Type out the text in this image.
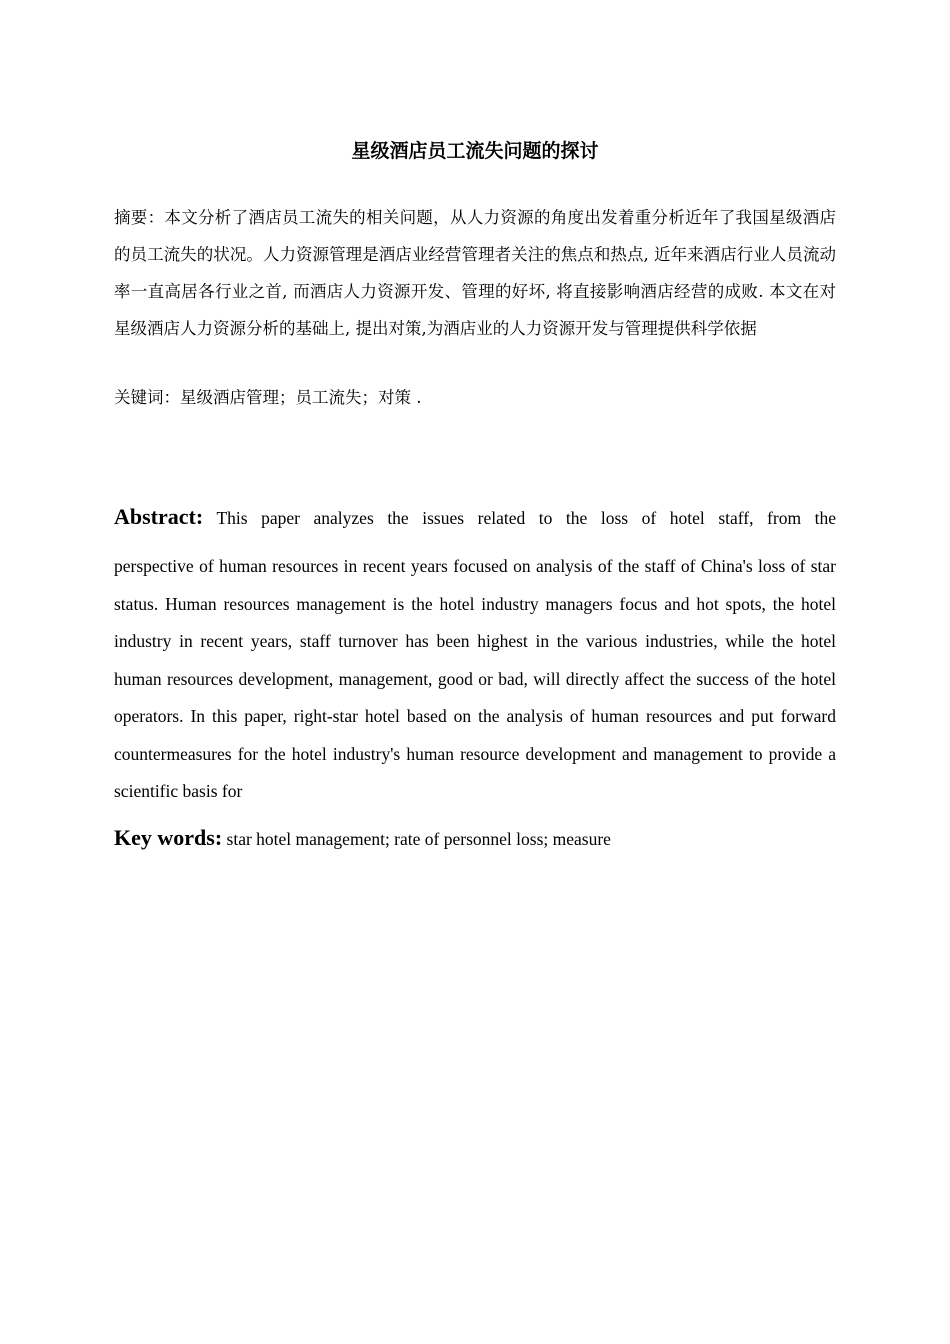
星级酒店员工流失问题的探讨
摘要：本文分析了酒店员工流失的相关问题，从人力资源的角度出发着重分析近年了我国星级酒店的员工流失的状况。人力资源管理是酒店业经营管理者关注的焦点和热点, 近年来酒店行业人员流动率一直高居各行业之首, 而酒店人力资源开发、管理的好坏, 将直接影响酒店经营的成败. 本文在对星级酒店人力资源分析的基础上, 提出对策,为酒店业的人力资源开发与管理提供科学依据
关键词：星级酒店管理；员工流失；对策 .
Abstract: This paper analyzes the issues related to the loss of hotel staff, from the
perspective of human resources in recent years focused on analysis of the staff of China's loss of star status. Human resources management is the hotel industry managers focus and hot spots, the hotel industry in recent years, staff turnover has been highest in the various industries, while the hotel human resources development, management, good or bad, will directly affect the success of the hotel operators. In this paper, right-star hotel based on the analysis of human resources and put forward countermeasures for the hotel industry's human resource development and management to provide a scientific basis for
Key words: star hotel management; rate of personnel loss; measure
